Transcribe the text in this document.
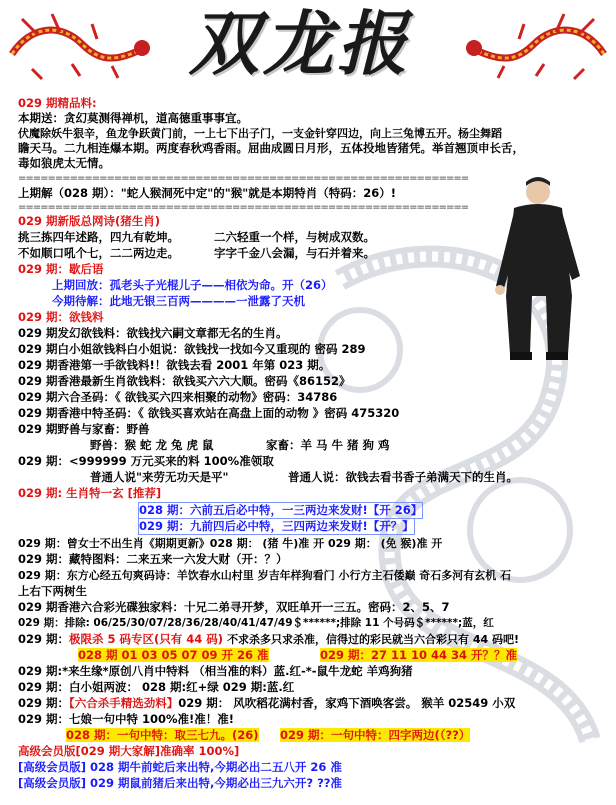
双龙报
029 期精品料:
本期送：贪幻莫测得禅机，道高德重事事宜。
伏魔除妖牛狠辛，鱼龙争跃黄门前，一上七下出子门，一支金针穿四边，向上三兔博五开。杨尘舞蹈
瞻天马。二九相连爆本期。两度春秋鸡香雨。屈曲成圆日月形，五体投地皆猪凭。举首翘顶申长舌，
毒如狼虎太无情。
=============================================================
上期解（028 期）："蛇人猴洞死中定"的"猴"就是本期特肖（特码：26）!
=============================================================
029 期新版总网诗(猪生肖)
挑三拣四年述路，四九有乾坤。	二六轻重一个样，与树成双数。
不如顺口吼个七，二二两边走。	字字千金八会漏，与石并着来。
029 期：歇后语
上期回放：孤老头子光棍儿子——相依为命。开（26）
今期待解：此地无银三百两————一泄露了天机
029 期：欲钱料
029 期发幻欲钱料：欲钱找六嗣文章都无名的生肖。
029 期白小姐欲钱料白小姐说：欲钱找一找如今又重现的 密码 289
029 期香港第一手欲钱料!！欲钱去看 2001 年第 023 期。
029 期香港最新生肖欲钱料：欲钱买六六大顺。密码《86152》
029 期六合圣码：《 欲钱买六四来相聚的动物》密码：34786
029 期香港中特圣码：《 欲钱买喜欢站在高盘上面的动物 》密码 475320
029 期野兽与家畜：野兽
野兽：猴 蛇 龙 兔 虎 鼠	家畜：羊 马 牛 猪 狗 鸡
029 期：<999999 万元买来的料 100%准领取
普通人说"来劳无功天是平"	普通人说：欲钱去看书香子弟满天下的生肖。
029 期: 生肖特一玄 [推荐]
028 期：六前五后必中特，一三两边来发财!【开 26】
029 期：九前四后必中特，三四两边来发财!【开？】
029 期：曾女士不出生肖《期期更新》028 期： (猪 牛)准 开 029 期： (免 猴)准 开
029 期：藏特图料：二来五来一六发大财（开：？）
029 期：东方心经五句爽码诗：羊饮春水山村里 岁吉年样狗看门 小行方主石倭巅 奇石多河有玄机 石
上右下两树生
029 期香港六合彩光碟独家料：十兄二弟寻开梦，双旺单开一三五。密码：2、5、7
029 期：排除: 06/25/30/07/28/36/28/40/41/47/49＄******;排除 11 个号码＄******;蓝，红
029 期：极限杀 5 码专区(只有 44 码) 不求杀多只求杀准，信得过的彩民就当六合彩只有 44 码吧!
028 期 01 03 05 07 09 开 26 准	029 期：27 11 10 44 34 开？？准
029 期:*来生缘*原创八肖中特料 （相当准的料）蓝.红-*-鼠牛龙蛇 羊鸡狗猪
029 期：白小姐两波： 028 期:红+绿 029 期:蓝.红
029 期：【六合杀手精选劲料】029 期： 风吹稻花满村香，家鸡下酒唤客尝。 猴羊 02549 小双
029 期：七娘一句中特 100%准!准！准!
028 期：一句中特：取三七九。(26) 029 期：一句中特：四字两边(（??）
高级会员版[029 期大家解]准确率 100%]
[高级会员版] 028 期牛前蛇后来出特,今期必出二五八开 26 准
[高级会员版] 029 期鼠前猪后来出特,今期必出三九六开? ??准
